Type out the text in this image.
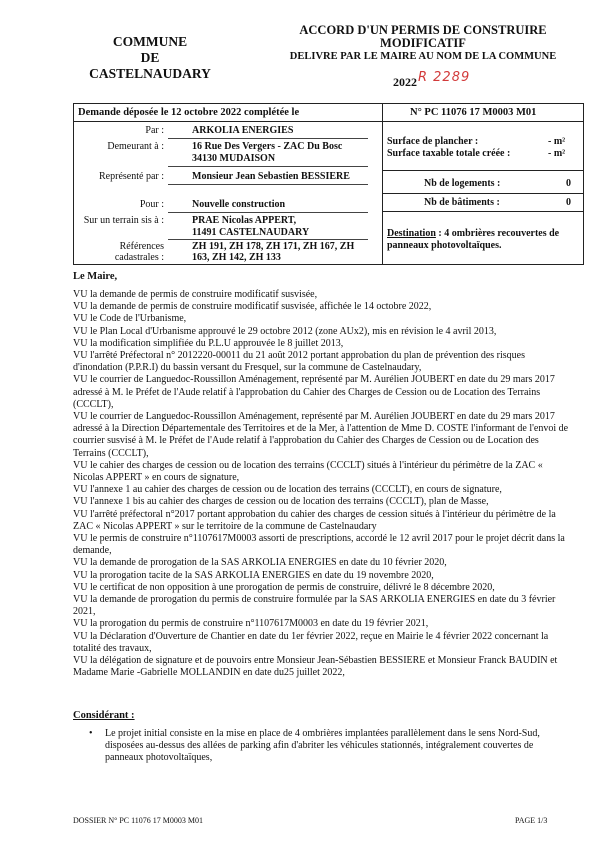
COMMUNE
DE
CASTELNAUDARY
ACCORD D'UN PERMIS DE CONSTRUIRE
MODIFICATIF
DELIVRE PAR LE MAIRE AU NOM DE LA COMMUNE
2022 R 2289
Demande déposée le 12 octobre 2022 complétée le	N° PC 11076 17 M0003 M01
Par :	ARKOLIA ENERGIES
Demeurant à :	16 Rue Des Vergers - ZAC Du Bosc
34130 MUDAISON
Représenté par :	Monsieur Jean Sebastien BESSIERE
Pour :	Nouvelle construction
Sur un terrain sis à :	PRAE Nicolas APPERT,
11491 CASTELNAUDARY
Références cadastrales :
ZH 191, ZH 178, ZH 171, ZH 167, ZH
163, ZH 142, ZH 133
Surface de plancher :	- m²
Surface taxable totale créée :	- m²
Nb de logements :	0
Nb de bâtiments :	0
Destination : 4 ombrières recouvertes de panneaux photovoltaïques.
Le Maire,

VU la demande de permis de construire modificatif susvisée,

VU la demande de permis de construire modificatif susvisée, affichée le 14 octobre 2022,

VU le Code de l'Urbanisme,

VU le Plan Local d'Urbanisme approuvé le 29 octobre 2012 (zone AUx2), mis en révision le 4 avril 2013,

VU la modification simplifiée du P.L.U approuvée le 8 juillet 2013,

VU l'arrêté Préfectoral n° 2012220-00011 du 21 août 2012 portant approbation du plan de prévention des risques d'inondation (P.P.R.I) du bassin versant du Fresquel, sur la commune de Castelnaudary,

VU le courrier de Languedoc-Roussillon Aménagement, représenté par M. Aurélien JOUBERT en date du 29 mars 2017 adressé à M. le Préfet de l'Aude relatif à l'approbation du Cahier des Charges de Cession ou de Location des Terrains (CCCLT),

VU le courrier de Languedoc-Roussillon Aménagement, représenté par M. Aurélien JOUBERT en date du 29 mars 2017 adressé à la Direction Départementale des Territoires et de la Mer, à l'attention de Mme D. COSTE l'informant de l'envoi de courrier susvisé à M. le Préfet de l'Aude relatif à l'approbation du Cahier des Charges de Cession ou de Location des Terrains (CCCLT),

VU le cahier des charges de cession ou de location des terrains (CCCLT) situés à l'intérieur du périmètre de la ZAC « Nicolas APPERT » en cours de signature,

VU l'annexe 1 au cahier des charges de cession ou de location des terrains (CCCLT), en cours de signature,

VU l'annexe 1 bis au cahier des charges de cession ou de location des terrains (CCCLT), plan de Masse,

VU l'arrêté préfectoral n°2017 portant approbation du cahier des charges de cession situés à l'intérieur du périmètre de la ZAC « Nicolas APPERT » sur le territoire de la commune de Castelnaudary

VU le permis de construire n°1107617M0003 assorti de prescriptions, accordé le 12 avril 2017 pour le projet décrit dans la demande,

VU la demande de prorogation de la SAS ARKOLIA ENERGIES en date du 10 février 2020,

VU la prorogation tacite de la SAS ARKOLIA ENERGIES en date du 19 novembre 2020,

VU le certificat de non opposition à une prorogation de permis de construire, délivré le 8 décembre 2020,

VU la demande de prorogation du permis de construire formulée par la SAS ARKOLIA ENERGIES en date du 3 février 2021,

VU la prorogation du permis de construire n°1107617M0003 en date du 19 février 2021,

VU la Déclaration d'Ouverture de Chantier en date du 1er février 2022, reçue en Mairie le 4 février 2022 concernant la totalité des travaux,

VU la délégation de signature et de pouvoirs entre Monsieur Jean-Sébastien BESSIERE et Monsieur Franck BAUDIN et Madame Marie -Gabrielle MOLLANDIN en date du25 juillet 2022,

Considérant :
• Le projet initial consiste en la mise en place de 4 ombrières implantées parallèlement dans le sens Nord-Sud, disposées au-dessus des allées de parking afin d'abriter les véhicules stationnés, intégralement couvertes de panneaux photovoltaïques,
DOSSIER N° PC 11076 17 M0003 M01	PAGE 1/3
